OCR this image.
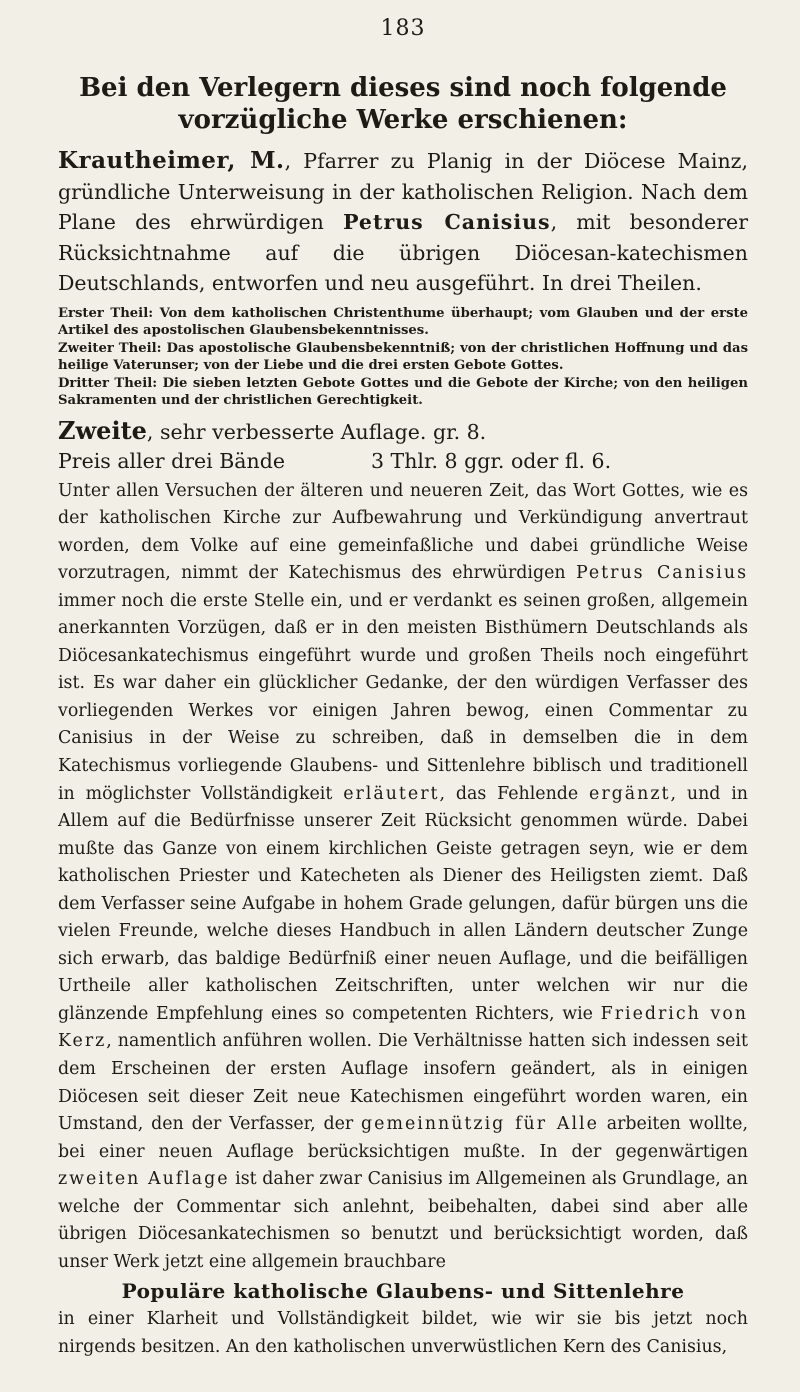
183
Bei den Verlegern dieses sind noch folgende
vorzügliche Werke erschienen:
Krautheimer, M., Pfarrer zu Planig in der Diöcese Mainz, gründliche Unterweisung in der katholischen Religion. Nach dem Plane des ehrwürdigen Petrus Canisius, mit besonderer Rücksichtnahme auf die übrigen Diöcesan-katechismen Deutschlands, entworfen und neu ausgeführt. In drei Theilen.
Erster Theil: Von dem katholischen Christenthume überhaupt; vom Glauben und der erste Artikel des apostolischen Glaubensbekenntnisses.
Zweiter Theil: Das apostolische Glaubensbekenntniß; von der christlichen Hoffnung und das heilige Vaterunser; von der Liebe und die drei ersten Gebote Gottes.
Dritter Theil: Die sieben letzten Gebote Gottes und die Gebote der Kirche; von den heiligen Sakramenten und der christlichen Gerechtigkeit.
Zweite, sehr verbesserte Auflage. gr. 8.
Preis aller drei Bände	3 Thlr. 8 ggr. oder fl. 6.
Unter allen Versuchen der älteren und neueren Zeit, das Wort Gottes, wie es der katholischen Kirche zur Aufbewahrung und Verkündigung anvertraut worden, dem Volke auf eine gemeinfaßliche und dabei gründliche Weise vorzutragen, nimmt der Katechismus des ehrwürdigen Petrus Canisius immer noch die erste Stelle ein, und er verdankt es seinen großen, allgemein anerkannten Vorzügen, daß er in den meisten Bisthümern Deutschlands als Diöcesankatechismus eingeführt wurde und großen Theils noch eingeführt ist. Es war daher ein glücklicher Gedanke, der den würdigen Verfasser des vorliegenden Werkes vor einigen Jahren bewog, einen Commentar zu Canisius in der Weise zu schreiben, daß in demselben die in dem Katechismus vorliegende Glaubens- und Sittenlehre biblisch und traditionell in möglichster Vollständigkeit erläutert, das Fehlende ergänzt, und in Allem auf die Bedürfnisse unserer Zeit Rücksicht genommen würde. Dabei mußte das Ganze von einem kirchlichen Geiste getragen seyn, wie er dem katholischen Priester und Katecheten als Diener des Heiligsten ziemt. Daß dem Verfasser seine Aufgabe in hohem Grade gelungen, dafür bürgen uns die vielen Freunde, welche dieses Handbuch in allen Ländern deutscher Zunge sich erwarb, das baldige Bedürfniß einer neuen Auflage, und die beifälligen Urtheile aller katholischen Zeitschriften, unter welchen wir nur die glänzende Empfehlung eines so competenten Richters, wie Friedrich von Kerz, namentlich anführen wollen. Die Verhältnisse hatten sich indessen seit dem Erscheinen der ersten Auflage insofern geändert, als in einigen Diöcesen seit dieser Zeit neue Katechismen eingeführt worden waren, ein Umstand, den der Verfasser, der gemeinnützig für Alle arbeiten wollte, bei einer neuen Auflage berücksichtigen mußte. In der gegenwärtigen zweiten Auflage ist daher zwar Canisius im Allgemeinen als Grundlage, an welche der Commentar sich anlehnt, beibehalten, dabei sind aber alle übrigen Diöcesankatechismen so benutzt und berücksichtigt worden, daß unser Werk jetzt eine allgemein brauchbare
Populäre katholische Glaubens- und Sittenlehre
in einer Klarheit und Vollständigkeit bildet, wie wir sie bis jetzt noch nirgends besitzen. An den katholischen unverwüstlichen Kern des Canisius,
